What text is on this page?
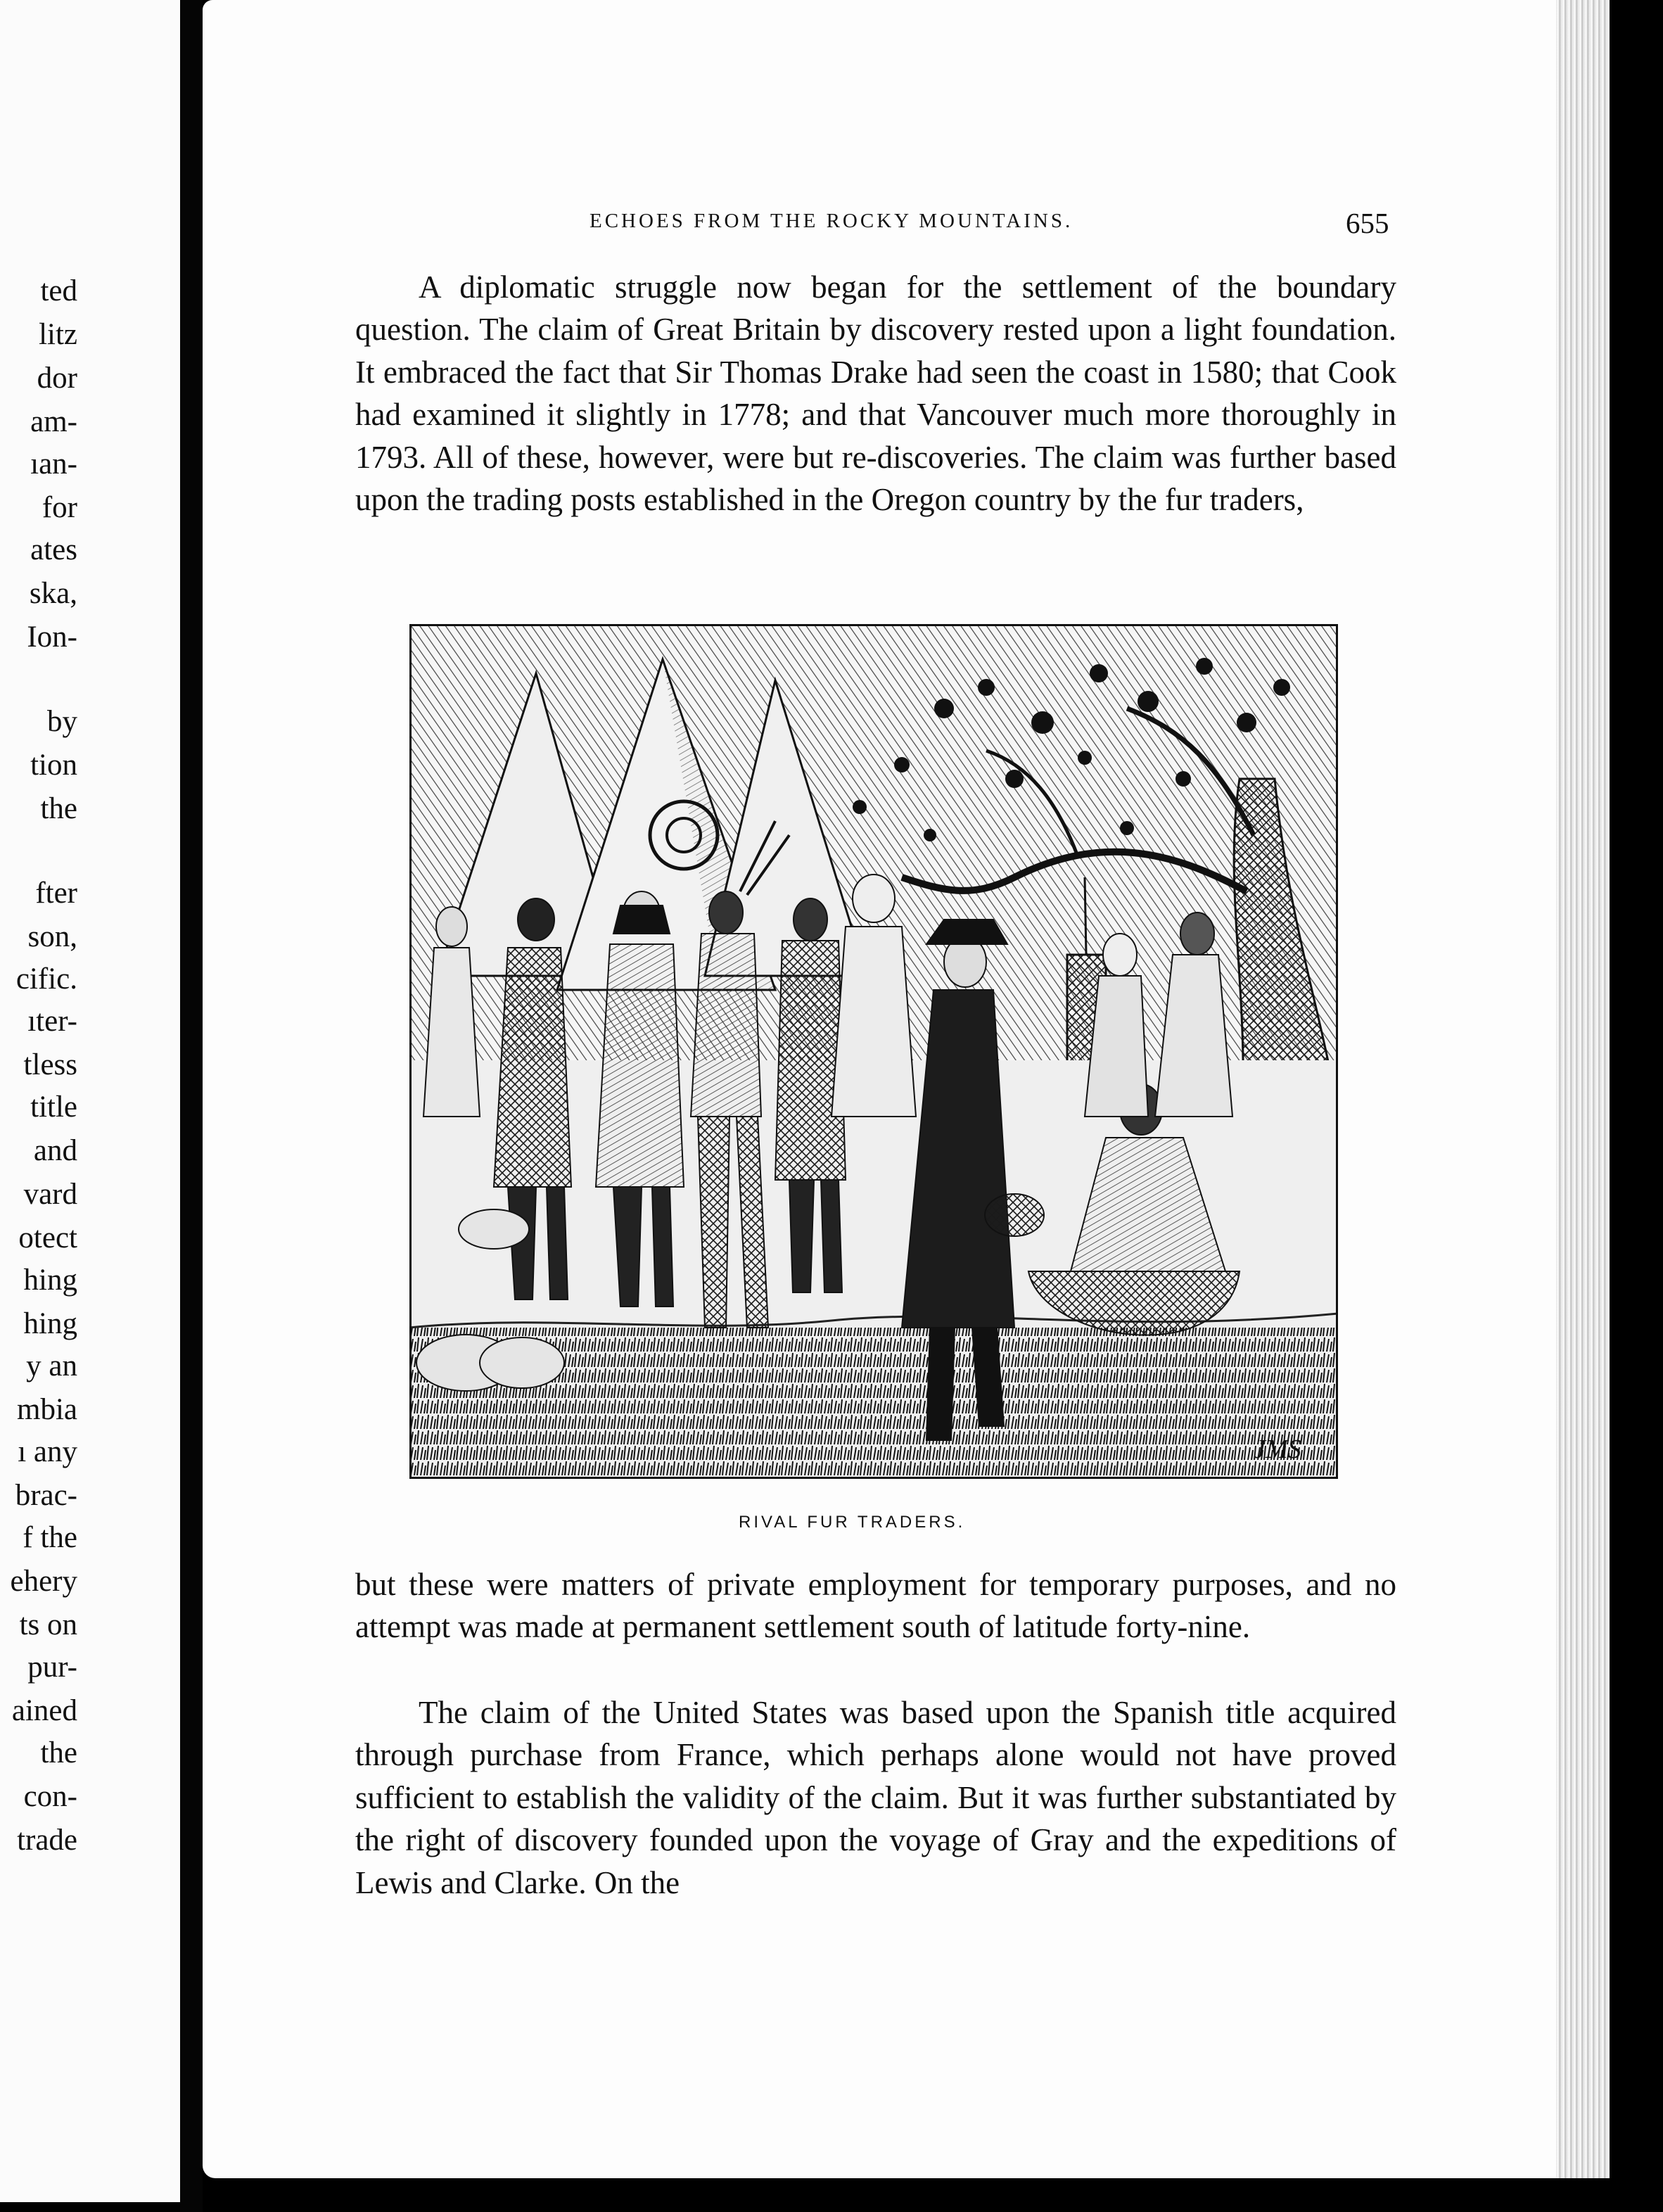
ted
litz
dor
am-
ıan-
for
ates
ska,
Ion-
by
tion
the
fter
son,
cific.
ıter-
tless
title
and
vard
otect
hing
hing
y an
mbia
ı any
brac-
f the
ehery
ts on
pur-
ained
the
con-
trade
ECHOES FROM THE ROCKY MOUNTAINS.	655

A diplomatic struggle now began for the settlement of the boundary question. The claim of Great Britain by discovery rested upon a light foundation. It embraced the fact that Sir Thomas Drake had seen the coast in 1580; that Cook had examined it slightly in 1778; and that Vancouver much more thoroughly in 1793. All of these, however, were but re-discoveries. The claim was further based upon the trading posts established in the Oregon country by the fur traders,

JMS
RIVAL FUR TRADERS.

but these were matters of private employment for temporary purposes, and no attempt was made at permanent settlement south of latitude forty-nine.

The claim of the United States was based upon the Spanish title acquired through purchase from France, which perhaps alone would not have proved sufficient to establish the validity of the claim. But it was further substantiated by the right of discovery founded upon the voyage of Gray and the expeditions of Lewis and Clarke. On the
